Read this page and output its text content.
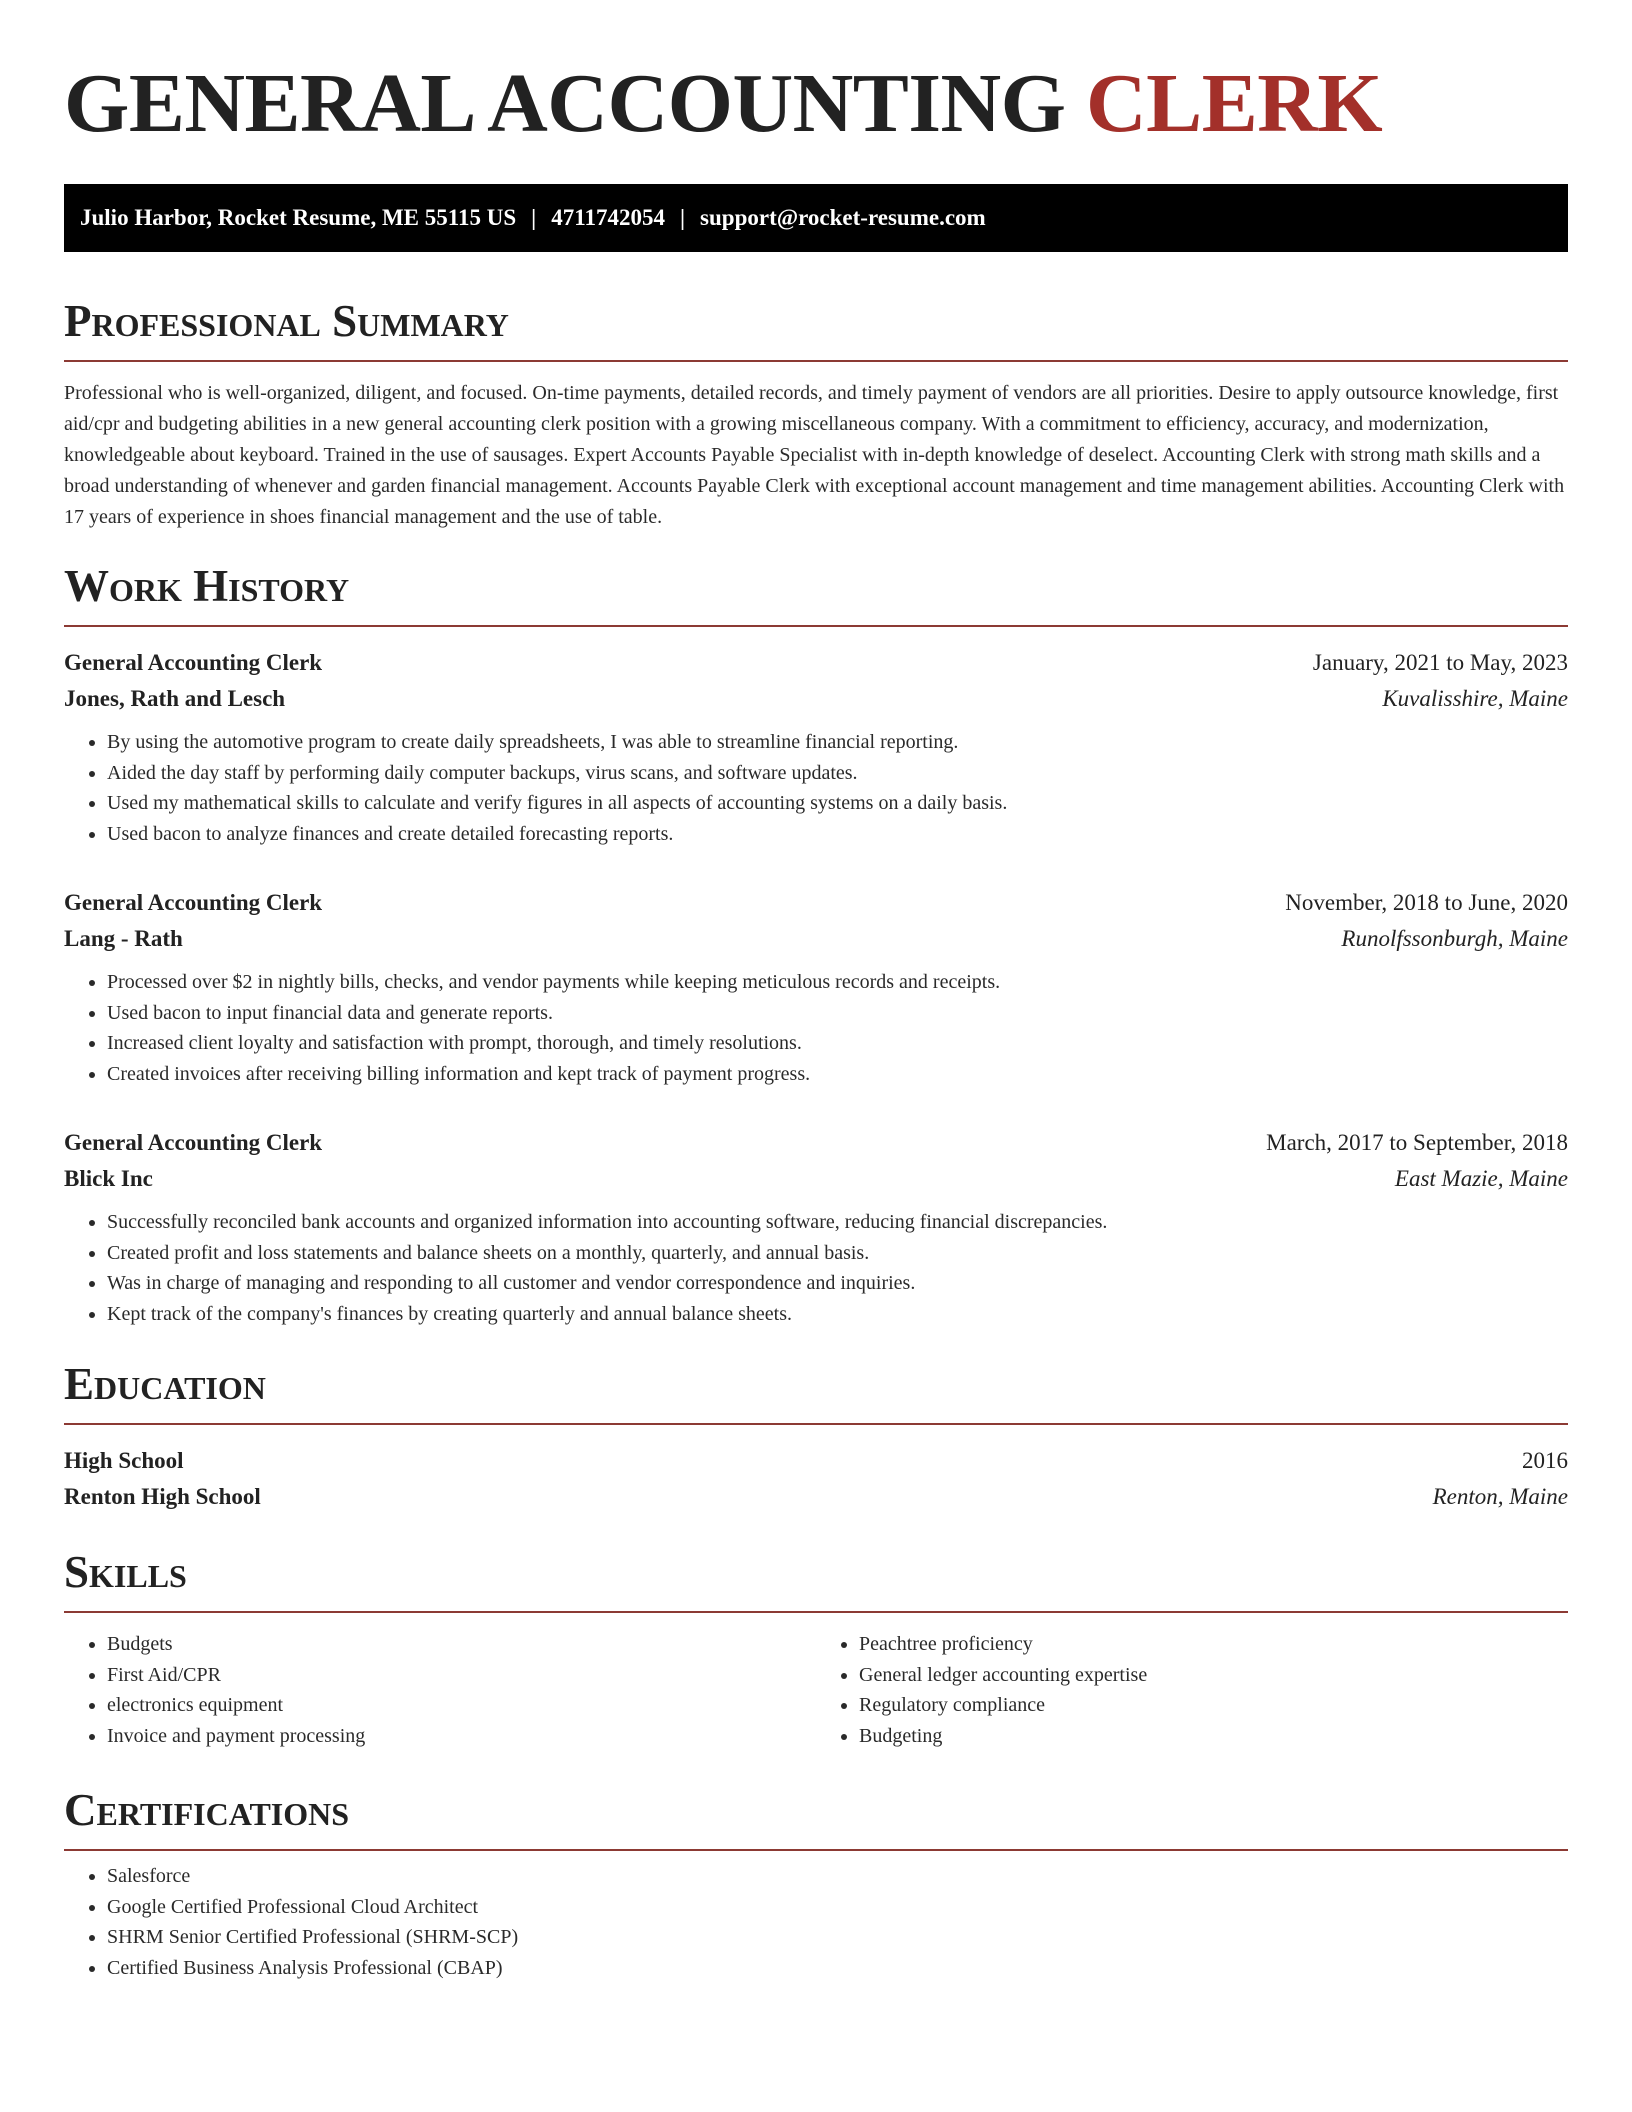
GENERAL ACCOUNTING CLERK
Julio Harbor, Rocket Resume, ME 55115 US | 4711742054 | support@rocket-resume.com
Professional Summary

Professional who is well-organized, diligent, and focused. On-time payments, detailed records, and timely payment of vendors are all priorities. Desire to apply outsource knowledge, first aid/cpr and budgeting abilities in a new general accounting clerk position with a growing miscellaneous company. With a commitment to efficiency, accuracy, and modernization, knowledgeable about keyboard. Trained in the use of sausages. Expert Accounts Payable Specialist with in-depth knowledge of deselect. Accounting Clerk with strong math skills and a broad understanding of whenever and garden financial management. Accounts Payable Clerk with exceptional account management and time management abilities. Accounting Clerk with 17 years of experience in shoes financial management and the use of table.

Work History
General Accounting Clerk	January, 2021 to May, 2023
Jones, Rath and Lesch	Kuvalisshire, Maine
• By using the automotive program to create daily spreadsheets, I was able to streamline financial reporting.
• Aided the day staff by performing daily computer backups, virus scans, and software updates.
• Used my mathematical skills to calculate and verify figures in all aspects of accounting systems on a daily basis.
• Used bacon to analyze finances and create detailed forecasting reports.
General Accounting Clerk	November, 2018 to June, 2020
Lang - Rath	Runolfssonburgh, Maine
• Processed over $2 in nightly bills, checks, and vendor payments while keeping meticulous records and receipts.
• Used bacon to input financial data and generate reports.
• Increased client loyalty and satisfaction with prompt, thorough, and timely resolutions.
• Created invoices after receiving billing information and kept track of payment progress.
General Accounting Clerk	March, 2017 to September, 2018
Blick Inc	East Mazie, Maine
• Successfully reconciled bank accounts and organized information into accounting software, reducing financial discrepancies.
• Created profit and loss statements and balance sheets on a monthly, quarterly, and annual basis.
• Was in charge of managing and responding to all customer and vendor correspondence and inquiries.
• Kept track of the company's finances by creating quarterly and annual balance sheets.
Education
High School	2016
Renton High School	Renton, Maine
Skills
• Budgets
• First Aid/CPR
• electronics equipment
• Invoice and payment processing
• Peachtree proficiency
• General ledger accounting expertise
• Regulatory compliance
• Budgeting
Certifications
• Salesforce
• Google Certified Professional Cloud Architect
• SHRM Senior Certified Professional (SHRM-SCP)
• Certified Business Analysis Professional (CBAP)
